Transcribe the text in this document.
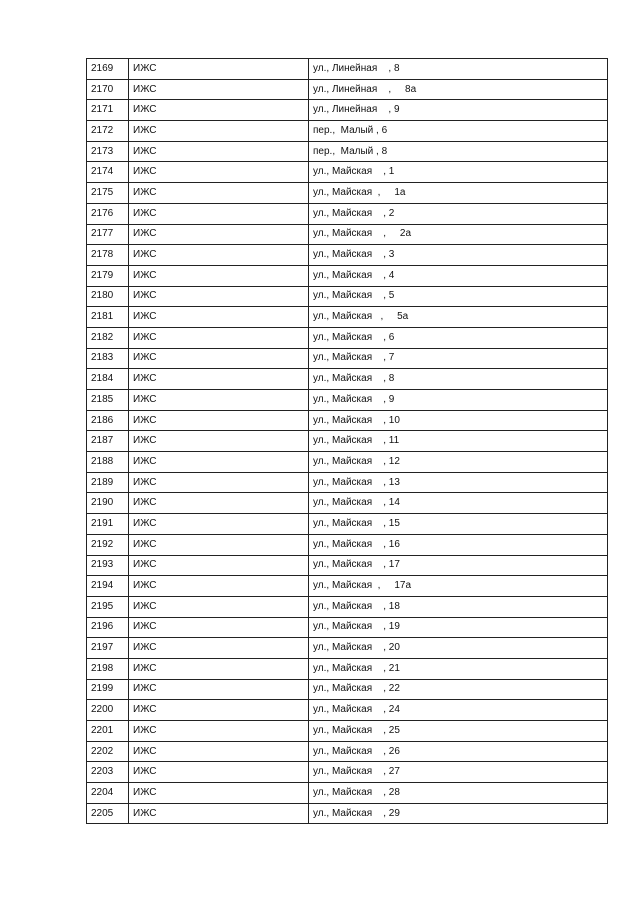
2169	ИЖС	ул., Линейная    , 8
2170	ИЖС	ул., Линейная    ,     8а
2171	ИЖС	ул., Линейная    , 9
2172	ИЖС	пер.,  Малый , 6
2173	ИЖС	пер.,  Малый , 8
2174	ИЖС	ул., Майская    , 1
2175	ИЖС	ул., Майская  ,     1а
2176	ИЖС	ул., Майская    , 2
2177	ИЖС	ул., Майская    ,     2а
2178	ИЖС	ул., Майская    , 3
2179	ИЖС	ул., Майская    , 4
2180	ИЖС	ул., Майская    , 5
2181	ИЖС	ул., Майская   ,     5а
2182	ИЖС	ул., Майская    , 6
2183	ИЖС	ул., Майская    , 7
2184	ИЖС	ул., Майская    , 8
2185	ИЖС	ул., Майская    , 9
2186	ИЖС	ул., Майская    , 10
2187	ИЖС	ул., Майская    , 11
2188	ИЖС	ул., Майская    , 12
2189	ИЖС	ул., Майская    , 13
2190	ИЖС	ул., Майская    , 14
2191	ИЖС	ул., Майская    , 15
2192	ИЖС	ул., Майская    , 16
2193	ИЖС	ул., Майская    , 17
2194	ИЖС	ул., Майская  ,     17а
2195	ИЖС	ул., Майская    , 18
2196	ИЖС	ул., Майская    , 19
2197	ИЖС	ул., Майская    , 20
2198	ИЖС	ул., Майская    , 21
2199	ИЖС	ул., Майская    , 22
2200	ИЖС	ул., Майская    , 24
2201	ИЖС	ул., Майская    , 25
2202	ИЖС	ул., Майская    , 26
2203	ИЖС	ул., Майская    , 27
2204	ИЖС	ул., Майская    , 28
2205	ИЖС	ул., Майская    , 29
